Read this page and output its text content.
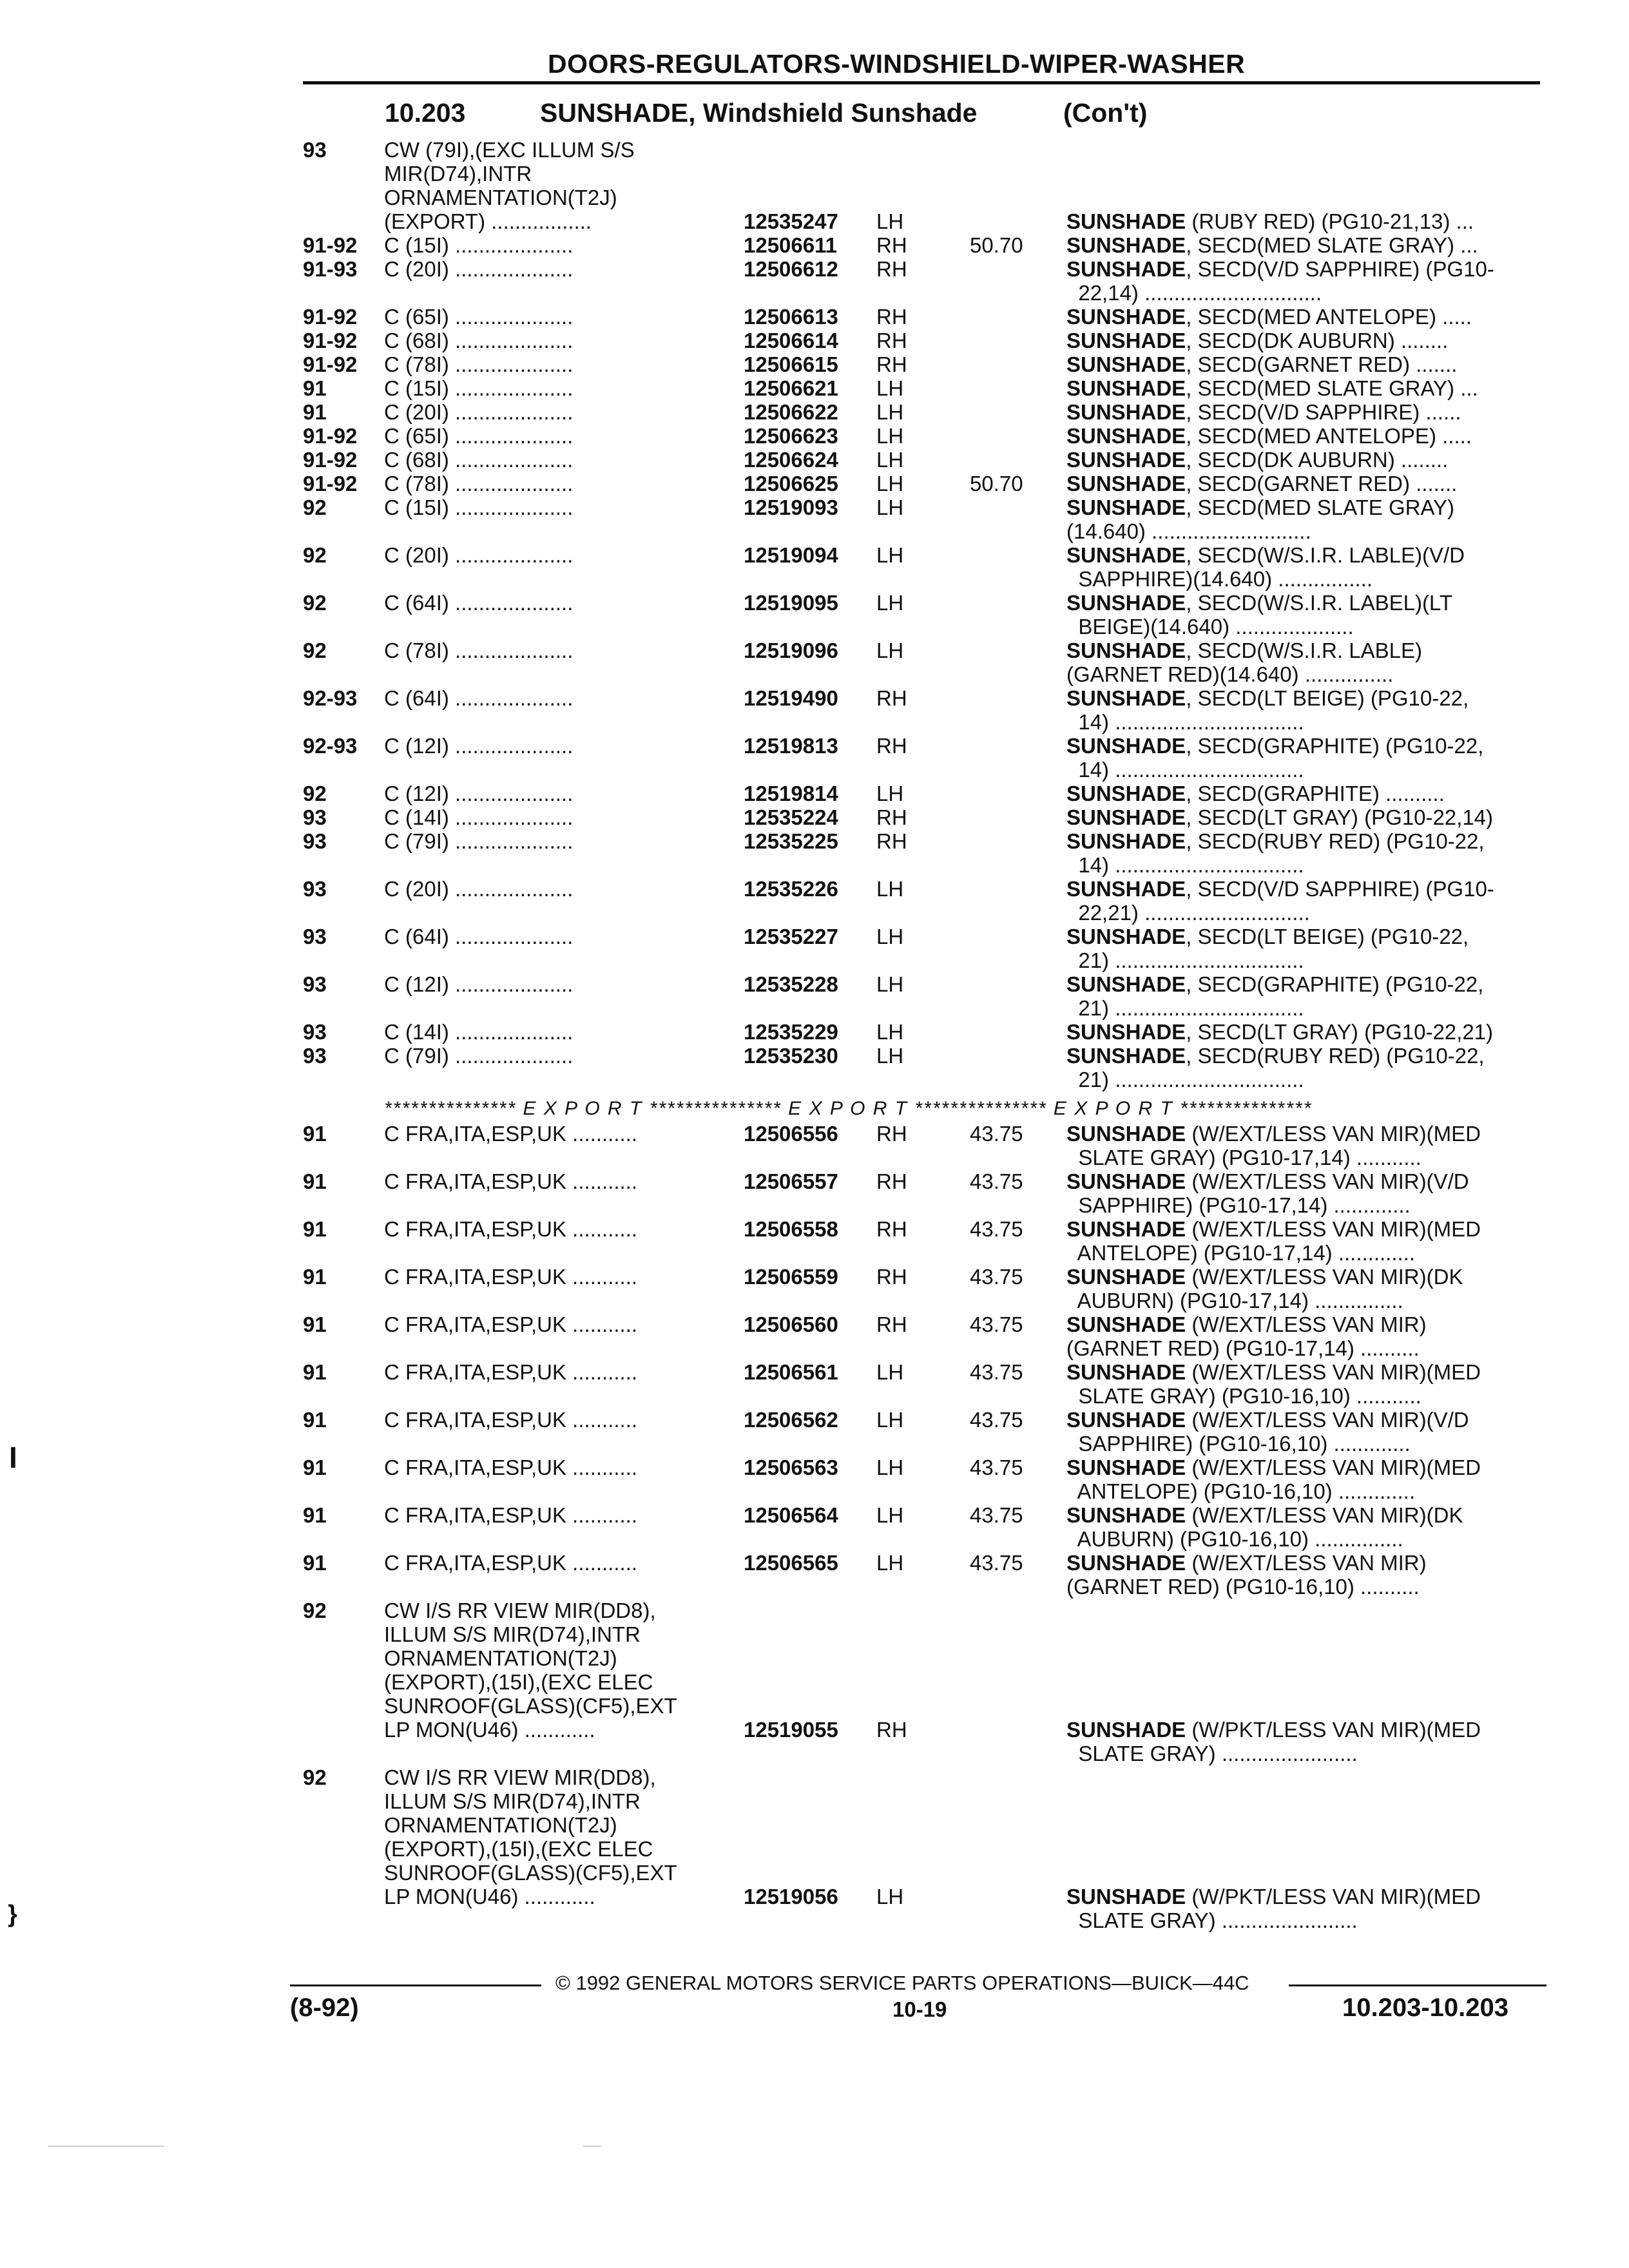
DOORS-REGULATORS-WINDSHIELD-WIPER-WASHER
10.203	SUNSHADE, Windshield Sunshade	(Con't)
93	CW (79I),(EXC ILLUM S/S
MIR(D74),INTR
ORNAMENTATION(T2J)
(EXPORT) .................	12535247 LH	SUNSHADE (RUBY RED) (PG10-21,13) ...
91-92 C (15I) ....................	12506611 RH	50.70 SUNSHADE, SECD(MED SLATE GRAY) ...
91-93 C (20I) ....................	12506612 RH	SUNSHADE, SECD(V/D SAPPHIRE) (PG10-
22,14) ..............................
91-92 C (65I) ....................	12506613 RH	SUNSHADE, SECD(MED ANTELOPE) .....
91-92 C (68I) ....................	12506614 RH	SUNSHADE, SECD(DK AUBURN) ........
91-92 C (78I) ....................	12506615 RH	SUNSHADE, SECD(GARNET RED) .......
91	C (15I) ....................	12506621 LH	SUNSHADE, SECD(MED SLATE GRAY) ...
91	C (20I) ....................	12506622 LH	SUNSHADE, SECD(V/D SAPPHIRE) ......
91-92 C (65I) ....................	12506623 LH	SUNSHADE, SECD(MED ANTELOPE) .....
91-92 C (68I) ....................	12506624 LH	SUNSHADE, SECD(DK AUBURN) ........
91-92 C (78I) ....................	12506625 LH	50.70 SUNSHADE, SECD(GARNET RED) .......
92	C (15I) ....................	12519093 LH	SUNSHADE, SECD(MED SLATE GRAY)
(14.640) ...........................
92	C (20I) ....................	12519094 LH	SUNSHADE, SECD(W/S.I.R. LABLE)(V/D
SAPPHIRE)(14.640) ................
92	C (64I) ....................	12519095 LH	SUNSHADE, SECD(W/S.I.R. LABEL)(LT
BEIGE)(14.640) ....................
92	C (78I) ....................	12519096 LH	SUNSHADE, SECD(W/S.I.R. LABLE)
(GARNET RED)(14.640) ...............
92-93 C (64I) ....................	12519490 RH	SUNSHADE, SECD(LT BEIGE) (PG10-22,
14) ................................
92-93 C (12I) ....................	12519813 RH	SUNSHADE, SECD(GRAPHITE) (PG10-22,
14) ................................
92	C (12I) ....................	12519814 LH	SUNSHADE, SECD(GRAPHITE) ..........
93	C (14I) ....................	12535224 RH	SUNSHADE, SECD(LT GRAY) (PG10-22,14)
93	C (79I) ....................	12535225 RH	SUNSHADE, SECD(RUBY RED) (PG10-22,
14) ................................
93	C (20I) ....................	12535226 LH	SUNSHADE, SECD(V/D SAPPHIRE) (PG10-
22,21) ............................
93	C (64I) ....................	12535227 LH	SUNSHADE, SECD(LT BEIGE) (PG10-22,
21) ................................
93	C (12I) ....................	12535228 LH	SUNSHADE, SECD(GRAPHITE) (PG10-22,
21) ................................
93	C (14I) ....................	12535229 LH	SUNSHADE, SECD(LT GRAY) (PG10-22,21)
93	C (79I) ....................	12535230 LH	SUNSHADE, SECD(RUBY RED) (PG10-22,
21) ................................
91	C FRA,ITA,ESP,UK ...........	12506556 RH	43.75 SUNSHADE (W/EXT/LESS VAN MIR)(MED
SLATE GRAY) (PG10-17,14) ...........
91	C FRA,ITA,ESP,UK ...........	12506557 RH	43.75 SUNSHADE (W/EXT/LESS VAN MIR)(V/D
SAPPHIRE) (PG10-17,14) .............
91	C FRA,ITA,ESP,UK ...........	12506558 RH	43.75 SUNSHADE (W/EXT/LESS VAN MIR)(MED
ANTELOPE) (PG10-17,14) .............
91	C FRA,ITA,ESP,UK ...........	12506559 RH	43.75 SUNSHADE (W/EXT/LESS VAN MIR)(DK
AUBURN) (PG10-17,14) ...............
91	C FRA,ITA,ESP,UK ...........	12506560 RH	43.75 SUNSHADE (W/EXT/LESS VAN MIR)
(GARNET RED) (PG10-17,14) ..........
91	C FRA,ITA,ESP,UK ...........	12506561 LH	43.75 SUNSHADE (W/EXT/LESS VAN MIR)(MED
SLATE GRAY) (PG10-16,10) ...........
91	C FRA,ITA,ESP,UK ...........	12506562 LH	43.75 SUNSHADE (W/EXT/LESS VAN MIR)(V/D
SAPPHIRE) (PG10-16,10) .............
91	C FRA,ITA,ESP,UK ...........	12506563 LH	43.75 SUNSHADE (W/EXT/LESS VAN MIR)(MED
ANTELOPE) (PG10-16,10) .............
91	C FRA,ITA,ESP,UK ...........	12506564 LH	43.75 SUNSHADE (W/EXT/LESS VAN MIR)(DK
AUBURN) (PG10-16,10) ...............
91	C FRA,ITA,ESP,UK ...........	12506565 LH	43.75 SUNSHADE (W/EXT/LESS VAN MIR)
(GARNET RED) (PG10-16,10) ..........
92	CW I/S RR VIEW MIR(DD8),
ILLUM S/S MIR(D74),INTR
ORNAMENTATION(T2J)
(EXPORT),(15I),(EXC ELEC
SUNROOF(GLASS)(CF5),EXT
LP MON(U46) ............	12519055 RH	SUNSHADE (W/PKT/LESS VAN MIR)(MED
SLATE GRAY) .......................
92	CW I/S RR VIEW MIR(DD8),
ILLUM S/S MIR(D74),INTR
ORNAMENTATION(T2J)
(EXPORT),(15I),(EXC ELEC
SUNROOF(GLASS)(CF5),EXT
LP MON(U46) ............	12519056 LH	SUNSHADE (W/PKT/LESS VAN MIR)(MED
SLATE GRAY) .......................
*************** E X P O R T *************** E X P O R T *************** E X P O R T ***************
© 1992 GENERAL MOTORS SERVICE PARTS OPERATIONS—BUICK—44C
(8-92)	10-19	10.203-10.203
I
}
